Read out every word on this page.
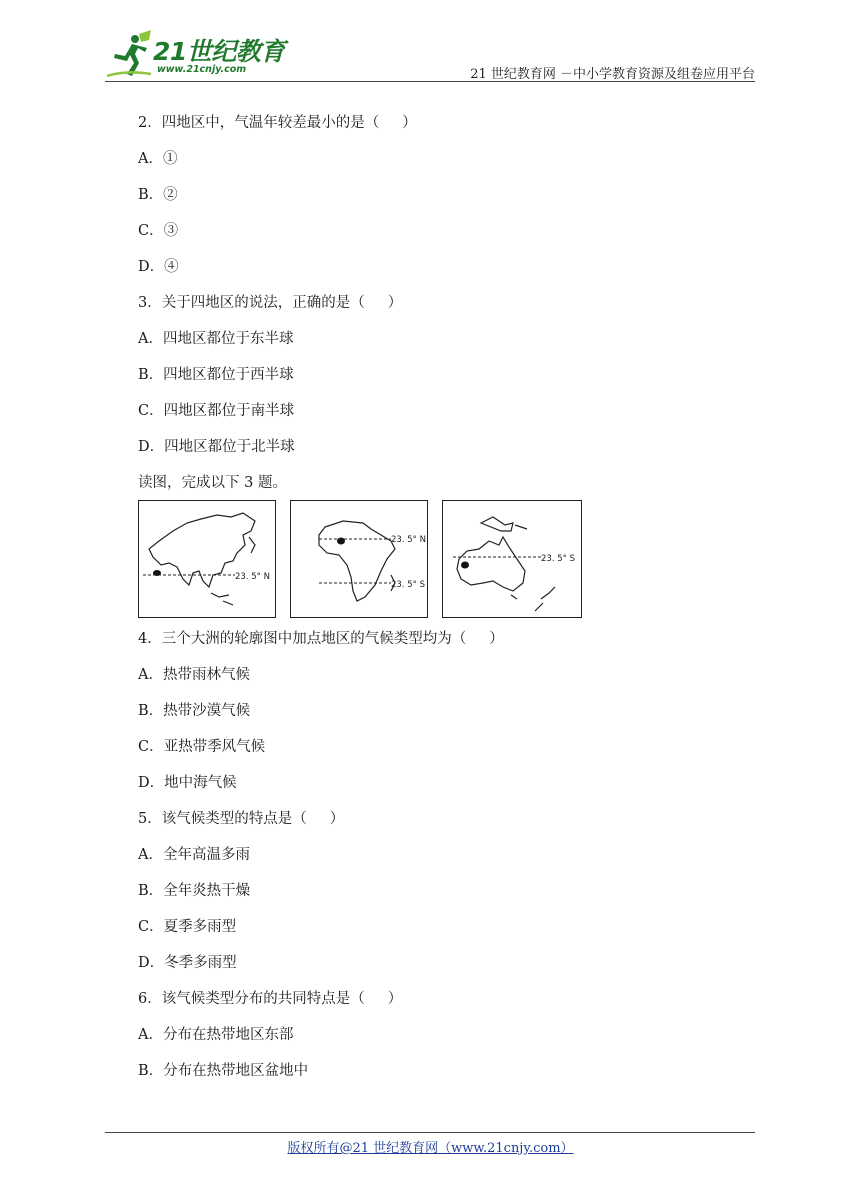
21世纪教育
www.21cnjy.com	21 世纪教育网 －中小学教育资源及组卷应用平台
2．四地区中，气温年较差最小的是（     ）
A．①
B．②
C．③
D．④
3．关于四地区的说法，正确的是（     ）
A．四地区都位于东半球
B．四地区都位于西半球
C．四地区都位于南半球
D．四地区都位于北半球
读图，完成以下 3 题。
23. 5° N
23. 5° N
23. 5° S
23. 5° S
4．三个大洲的轮廓图中加点地区的气候类型均为（     ）
A．热带雨林气候
B．热带沙漠气候
C．亚热带季风气候
D．地中海气候
5．该气候类型的特点是（     ）
A．全年高温多雨
B．全年炎热干燥
C．夏季多雨型
D．冬季多雨型
6．该气候类型分布的共同特点是（     ）
A．分布在热带地区东部
B．分布在热带地区盆地中
版权所有@21 世纪教育网（www.21cnjy.com）
